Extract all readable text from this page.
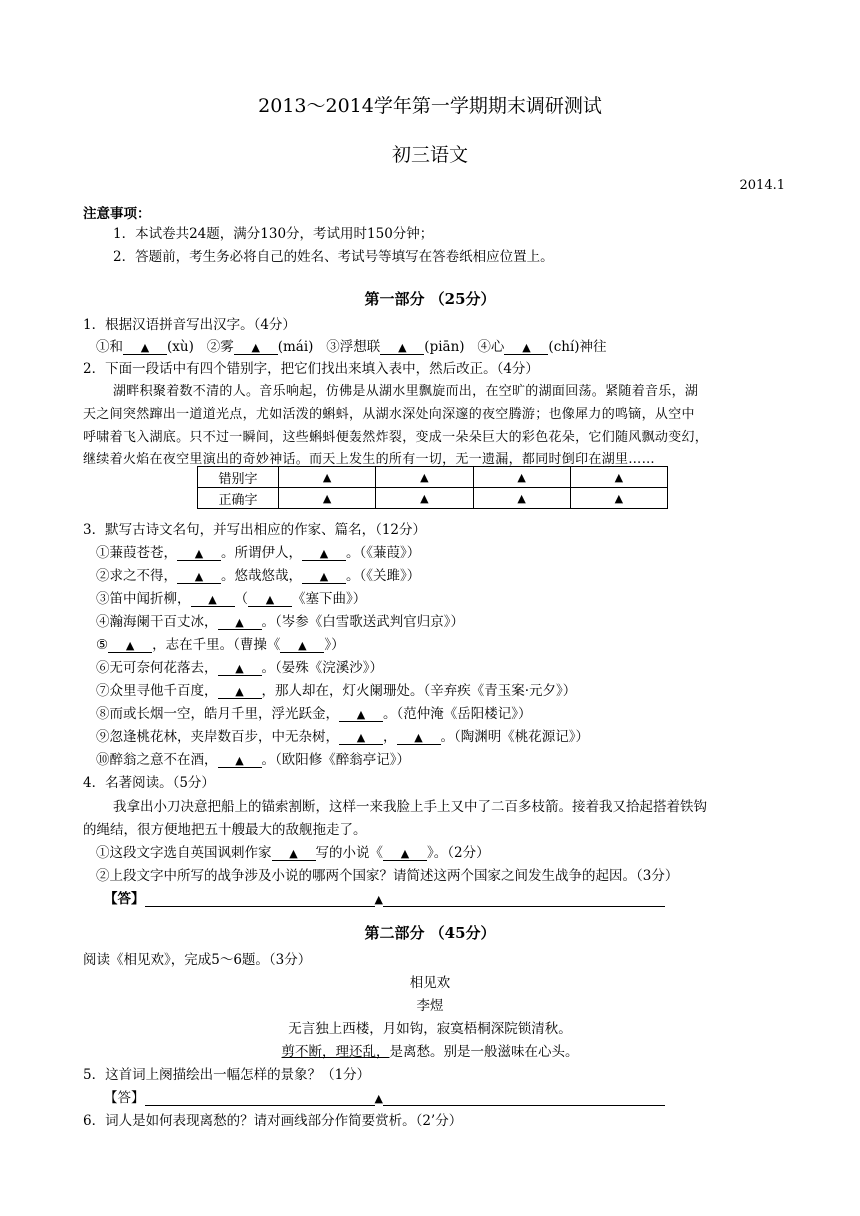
2013～2014学年第一学期期末调研测试
初三语文
2014.1
注意事项：
1．本试卷共24题，满分130分，考试用时150分钟；
2．答题前，考生务必将自己的姓名、考试号等填写在答卷纸相应位置上。
第一部分 （25分）
1．根据汉语拼音写出汉字。（4分）
①和 ▲ (xù) ②雾 ▲ (mái) ③浮想联 ▲ (piān) ④心 ▲ (chí)神往
2．下面一段话中有四个错别字，把它们找出来填入表中，然后改正。（4分）
湖畔积聚着数不清的人。音乐响起，仿佛是从湖水里飘旋而出，在空旷的湖面回荡。紧随着音乐，湖
天之间突然蹿出一道道光点，尤如活泼的蝌蚪，从湖水深处向深邃的夜空腾游；也像犀力的鸣镝，从空中
呼啸着飞入湖底。只不过一瞬间，这些蝌蚪便轰然炸裂，变成一朵朵巨大的彩色花朵，它们随风飘动变幻，
继续着火焰在夜空里演出的奇妙神话。而天上发生的所有一切，无一遗漏，都同时倒印在湖里……
错别字	▲	▲	▲	▲
正确字	▲	▲	▲	▲
3．默写古诗文名句，并写出相应的作家、篇名，（12分）
①蒹葭苍苍， ▲ 。所谓伊人， ▲ 。（《蒹葭》）
②求之不得， ▲ 。悠哉悠哉， ▲ 。（《关雎》）
③笛中闻折柳， ▲ （ ▲ 《塞下曲》）
④瀚海阑干百丈冰， ▲ 。（岑参《白雪歌送武判官归京》）
⑤ ▲ ，志在千里。（曹操《 ▲ 》）
⑥无可奈何花落去， ▲ 。（晏殊《浣溪沙》）
⑦众里寻他千百度， ▲ ，那人却在，灯火阑珊处。（辛弃疾《青玉案·元夕》）
⑧而或长烟一空，皓月千里，浮光跃金， ▲ 。（范仲淹《岳阳楼记》）
⑨忽逢桃花林，夹岸数百步，中无杂树， ▲ ， ▲ 。（陶渊明《桃花源记》）
⑩醉翁之意不在酒， ▲ 。（欧阳修《醉翁亭记》）
4．名著阅读。（5分）
我拿出小刀决意把船上的锚索割断，这样一来我脸上手上又中了二百多枝箭。接着我又拾起搭着铁钩
的绳结，很方便地把五十艘最大的敌舰拖走了。
①这段文字选自英国讽刺作家 ▲ 写的小说《 ▲ 》。（2分）
②上段文字中所写的战争涉及小说的哪两个国家？请简述这两个国家之间发生战争的起因。（3分）
【答】	▲
第二部分 （45分）
阅读《相见欢》，完成5～6题。（3分）
相见欢
李煜
无言独上西楼，月如钩，寂寞梧桐深院锁清秋。
剪不断，理还乱，是离愁。别是一般滋味在心头。
5．这首词上阕描绘出一幅怎样的景象？（1分）
【答】	▲
6．词人是如何表现离愁的？请对画线部分作简要赏析。（2’分）
